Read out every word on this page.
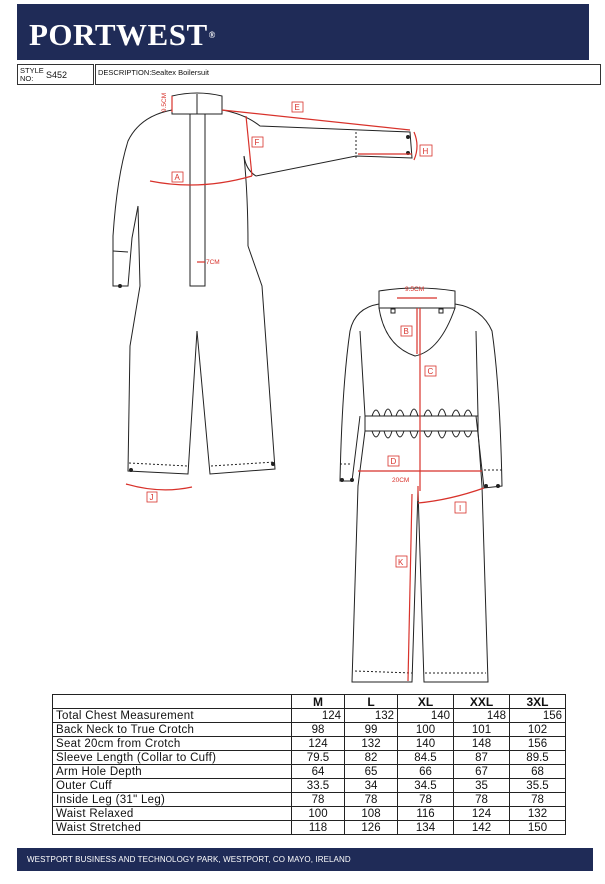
PORTWEST®
STYLE NO:	S452	DESCRIPTION: Sealtex Boilersuit
A
E
F
H
J
9.5CM
7CM
9.5CM
B
C
D
20CM
I
K
	M	L	XL	XXL	3XL
Total Chest Measurement	124	132	140	148	156
Back Neck to True Crotch	98	99	100	101	102
Seat 20cm from Crotch	124	132	140	148	156
Sleeve Length (Collar to Cuff)	79.5	82	84.5	87	89.5
Arm Hole Depth	64	65	66	67	68
Outer Cuff	33.5	34	34.5	35	35.5
Inside Leg (31" Leg)	78	78	78	78	78
Waist Relaxed	100	108	116	124	132
Waist Stretched	118	126	134	142	150
WESTPORT BUSINESS AND TECHNOLOGY PARK, WESTPORT, CO MAYO, IRELAND
